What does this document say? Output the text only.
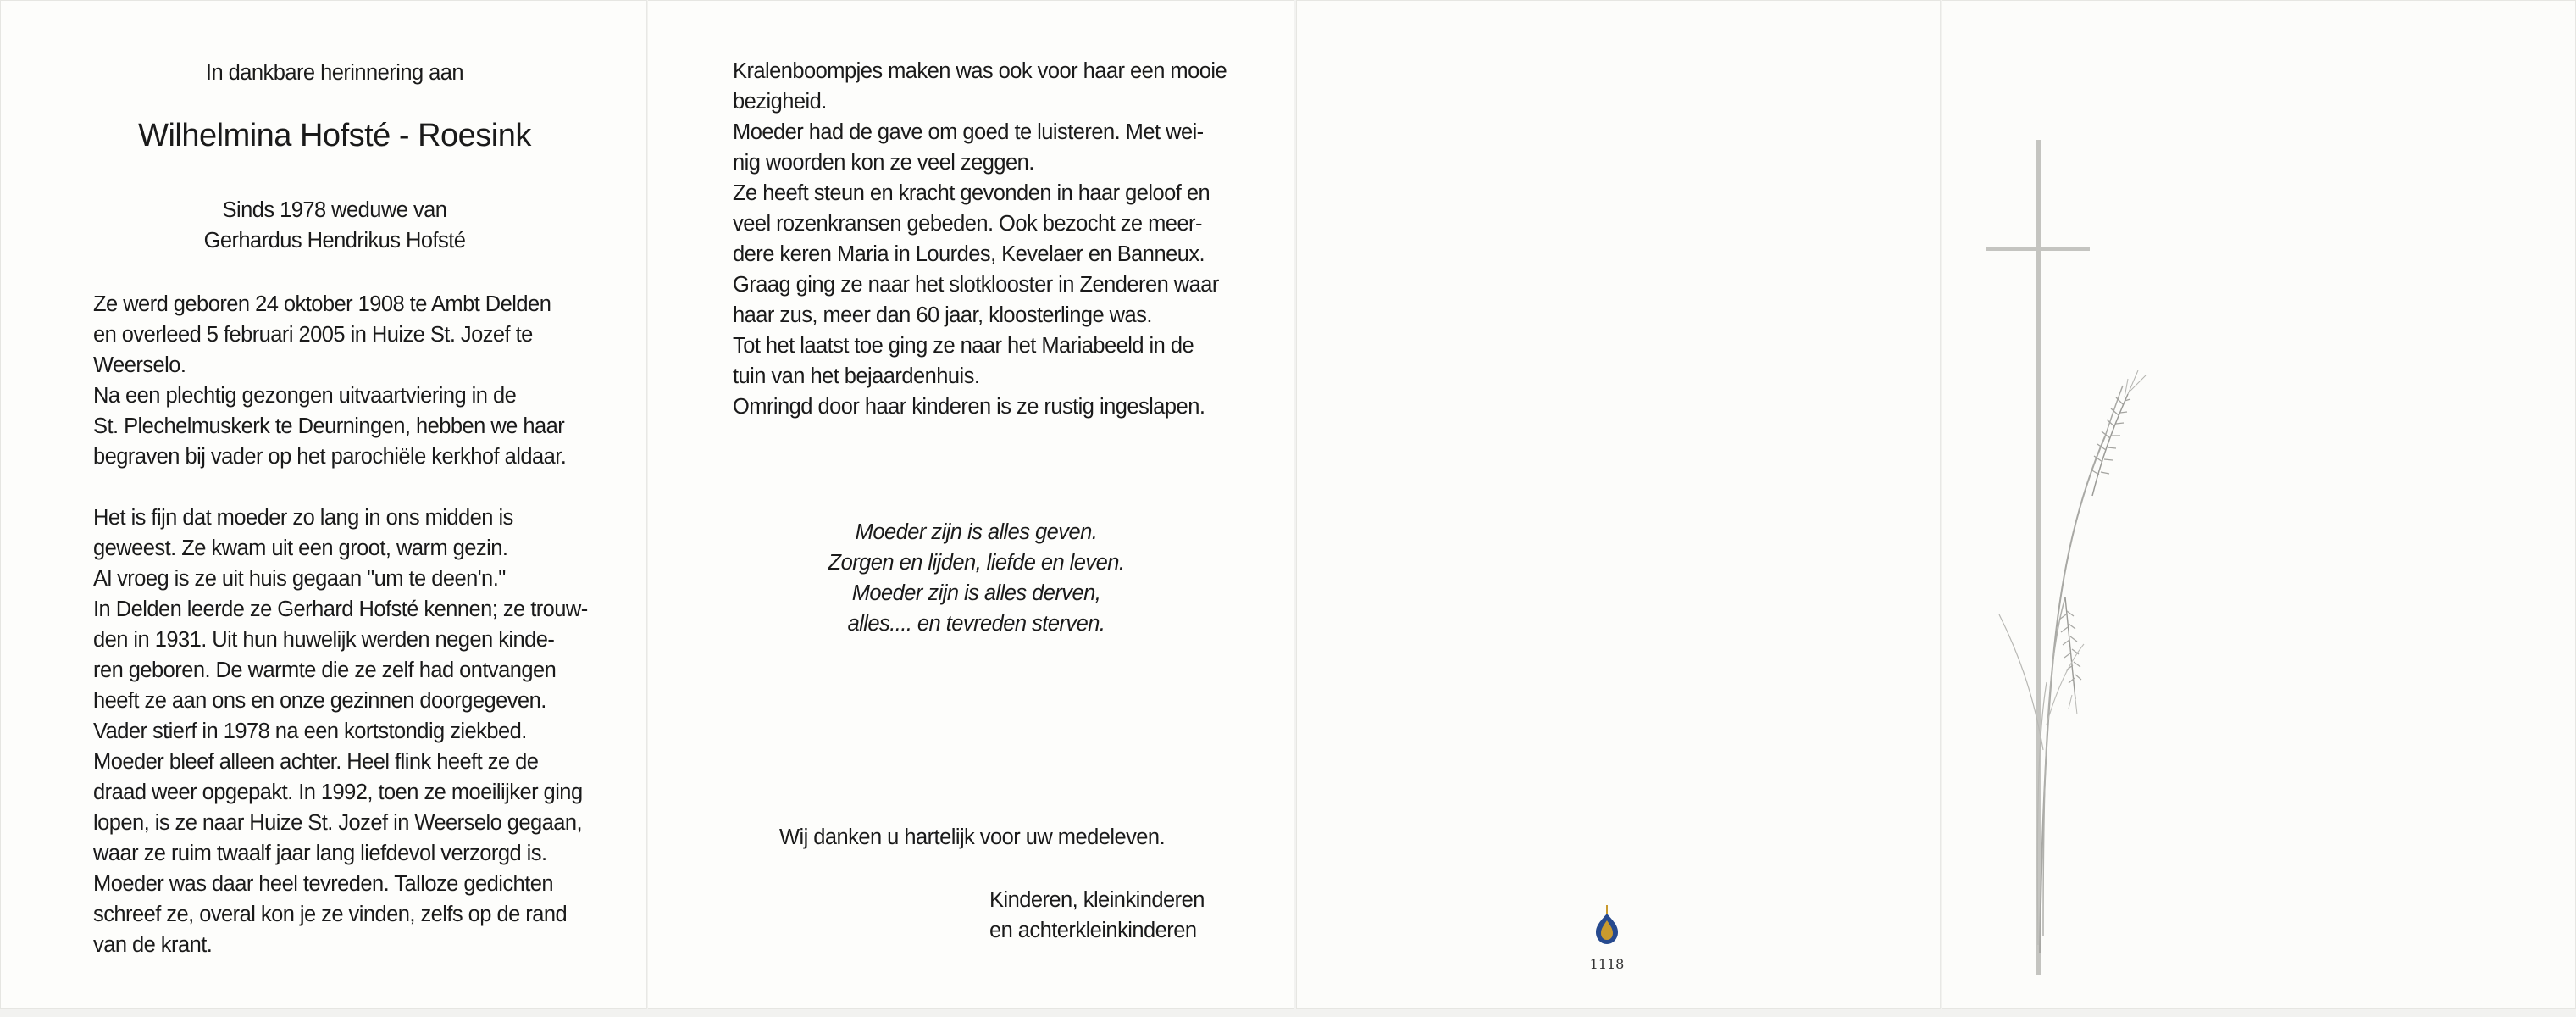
In dankbare herinnering aan
Wilhelmina Hofsté - Roesink
Sinds 1978 weduwe van
Gerhardus Hendrikus Hofsté
Ze werd geboren 24 oktober 1908 te Ambt Delden
en overleed 5 februari 2005 in Huize St. Jozef te
Weerselo.
Na een plechtig gezongen uitvaartviering in de
St. Plechelmuskerk te Deurningen, hebben we haar
begraven bij vader op het parochiële kerkhof aldaar.
Het is fijn dat moeder zo lang in ons midden is
geweest. Ze kwam uit een groot, warm gezin.
Al vroeg is ze uit huis gegaan "um te deen'n."
In Delden leerde ze Gerhard Hofsté kennen; ze trouw-
den in 1931. Uit hun huwelijk werden negen kinde-
ren geboren. De warmte die ze zelf had ontvangen
heeft ze aan ons en onze gezinnen doorgegeven.
Vader stierf in 1978 na een kortstondig ziekbed.
Moeder bleef alleen achter. Heel flink heeft ze de
draad weer opgepakt. In 1992, toen ze moeilijker ging
lopen, is ze naar Huize St. Jozef in Weerselo gegaan,
waar ze ruim twaalf jaar lang liefdevol verzorgd is.
Moeder was daar heel tevreden. Talloze gedichten
schreef ze, overal kon je ze vinden, zelfs op de rand
van de krant.
Kralenboompjes maken was ook voor haar een mooie
bezigheid.
Moeder had de gave om goed te luisteren. Met wei-
nig woorden kon ze veel zeggen.
Ze heeft steun en kracht gevonden in haar geloof en
veel rozenkransen gebeden. Ook bezocht ze meer-
dere keren Maria in Lourdes, Kevelaer en Banneux.
Graag ging ze naar het slotklooster in Zenderen waar
haar zus, meer dan 60 jaar, kloosterlinge was.
Tot het laatst toe ging ze naar het Mariabeeld in de
tuin van het bejaardenhuis.
Omringd door haar kinderen is ze rustig ingeslapen.
Moeder zijn is alles geven.
Zorgen en lijden, liefde en leven.
Moeder zijn is alles derven,
alles.... en tevreden sterven.
Wij danken u hartelijk voor uw medeleven.
Kinderen, kleinkinderen
en achterkleinkinderen
1118
